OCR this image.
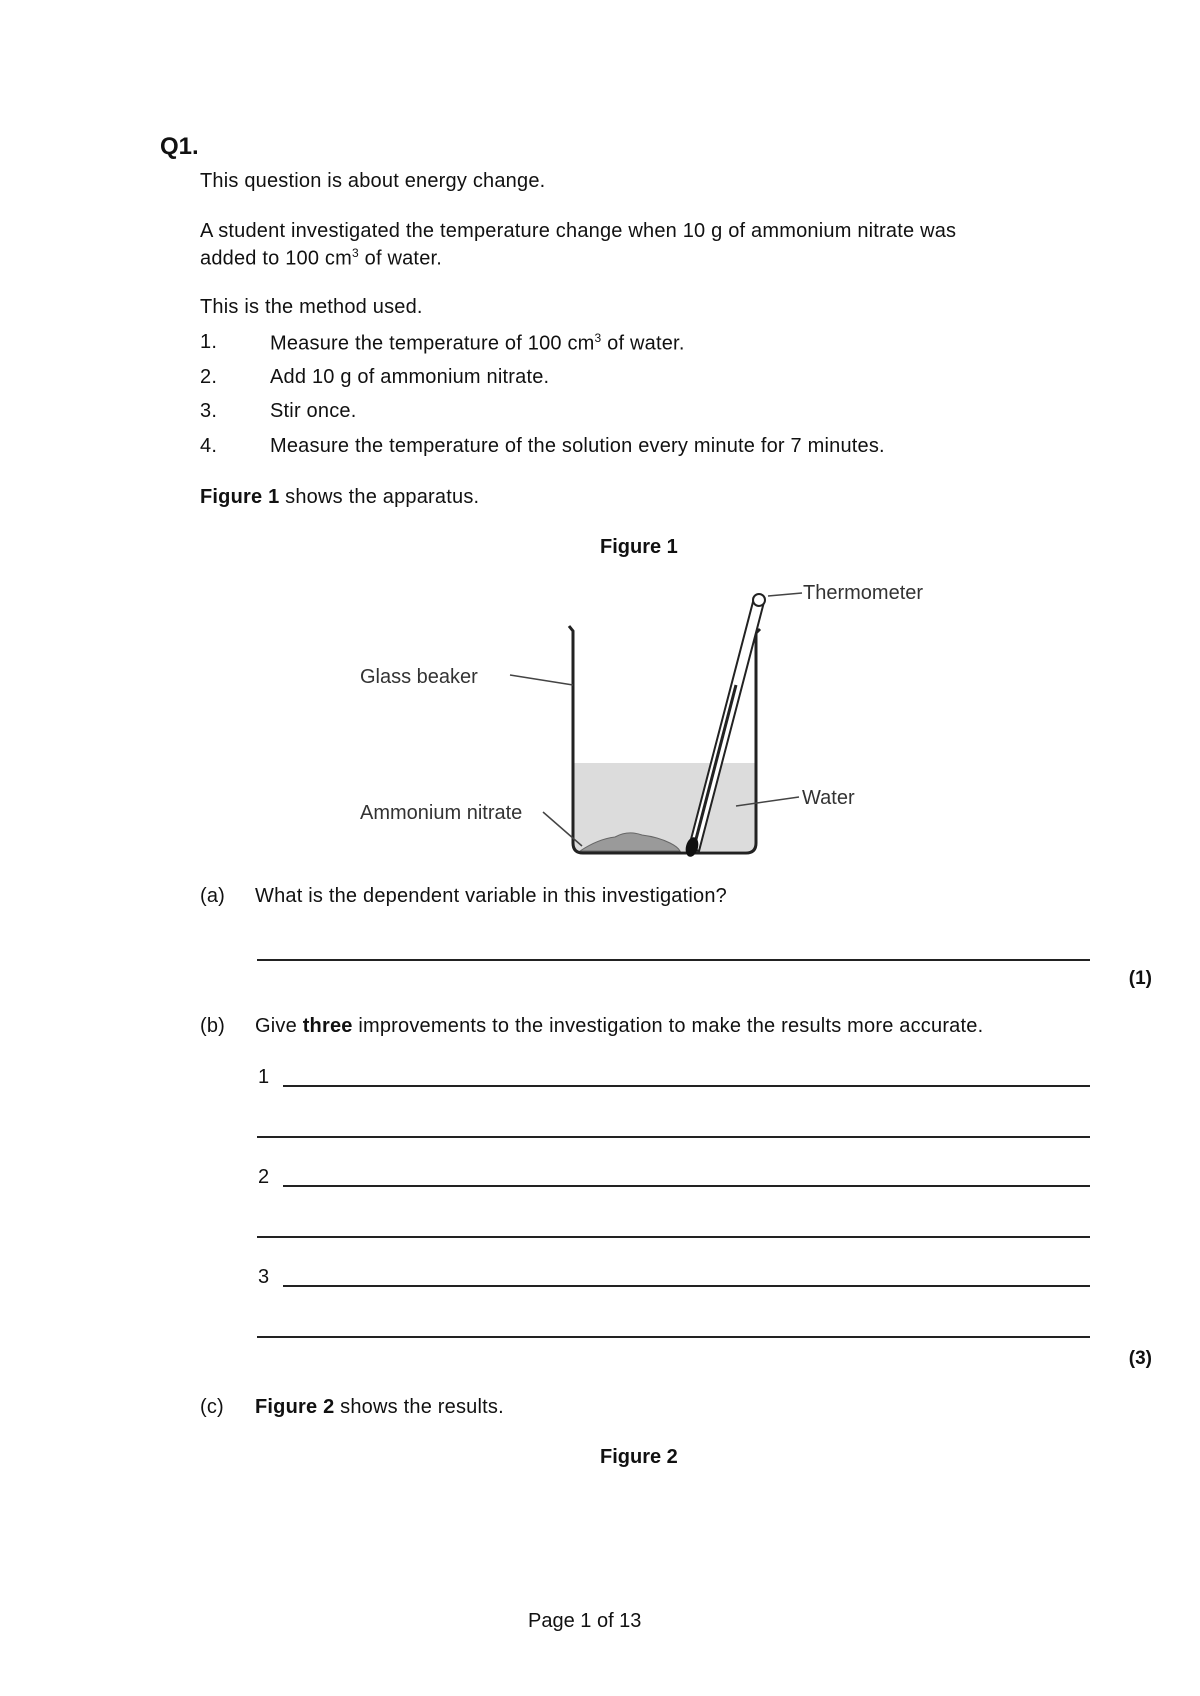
Q1.
This question is about energy change.
A student investigated the temperature change when 10 g of ammonium nitrate was
added to 100 $cm^3$ of water.
This is the method used.
1.	Measure the temperature of 100 $cm^3$ of water.
2.	Add 10 g of ammonium nitrate.
3.	Stir once.
4.	Measure the temperature of the solution every minute for 7 minutes.
Figure 1 shows the apparatus.
Figure 1
Thermometer
Glass beaker
Water
Ammonium nitrate
(a) What is the dependent variable in this investigation?
(1)
(b) Give three improvements to the investigation to make the results more accurate.
1
2
3
(3)
(c) Figure 2 shows the results.
Figure 2
Page 1 of 13
